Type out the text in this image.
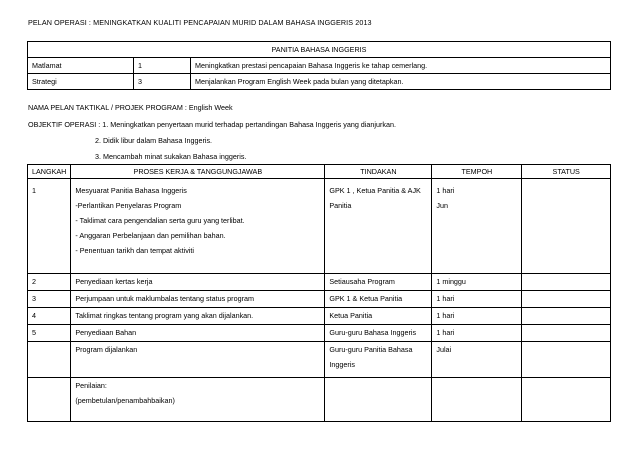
PELAN OPERASI : MENINGKATKAN KUALITI PENCAPAIAN MURID DALAM BAHASA INGGERIS 2013
PANITIA BAHASA INGGERIS		
Matlamat	1	Meningkatkan prestasi pencapaian Bahasa Inggeris ke tahap cemerlang.
Strategi	3	Menjalankan Program English Week pada bulan yang ditetapkan.
NAMA PELAN TAKTIKAL / PROJEK PROGRAM : English Week
OBJEKTIF OPERASI : 1. Meningkatkan penyertaan murid terhadap pertandingan Bahasa Inggeris yang dianjurkan.
2. Didik libur dalam Bahasa Inggeris.
3. Mencambah minat sukakan Bahasa inggeris.
LANGKAH	PROSES KERJA & TANGGUNGJAWAB	TINDAKAN	TEMPOH	STATUS

1	Mesyuarat Panitia Bahasa Inggeris
-Perlantikan Penyelaras Program
- Taklimat cara pengendalian serta guru yang terlibat.
- Anggaran Perbelanjaan dan pemilihan bahan.
- Penentuan tarikh dan tempat aktiviti	GPK 1 , Ketua Panitia & AJK
Panitia	1 hari
Jun	

2	Penyediaan kertas kerja	Setiausaha Program	1 minggu	

3	Perjumpaan untuk maklumbalas tentang status program	GPK 1 & Ketua Panitia	1 hari	

4	Taklimat ringkas tentang program yang akan dijalankan.	Ketua Panitia	1 hari	

5	Penyediaan Bahan	Guru-guru Bahasa Inggeris	1 hari	

	Program dijalankan	Guru-guru Panitia Bahasa
Inggeris	Julai	

	Penilaian:
(pembetulan/penambahbaikan)			
